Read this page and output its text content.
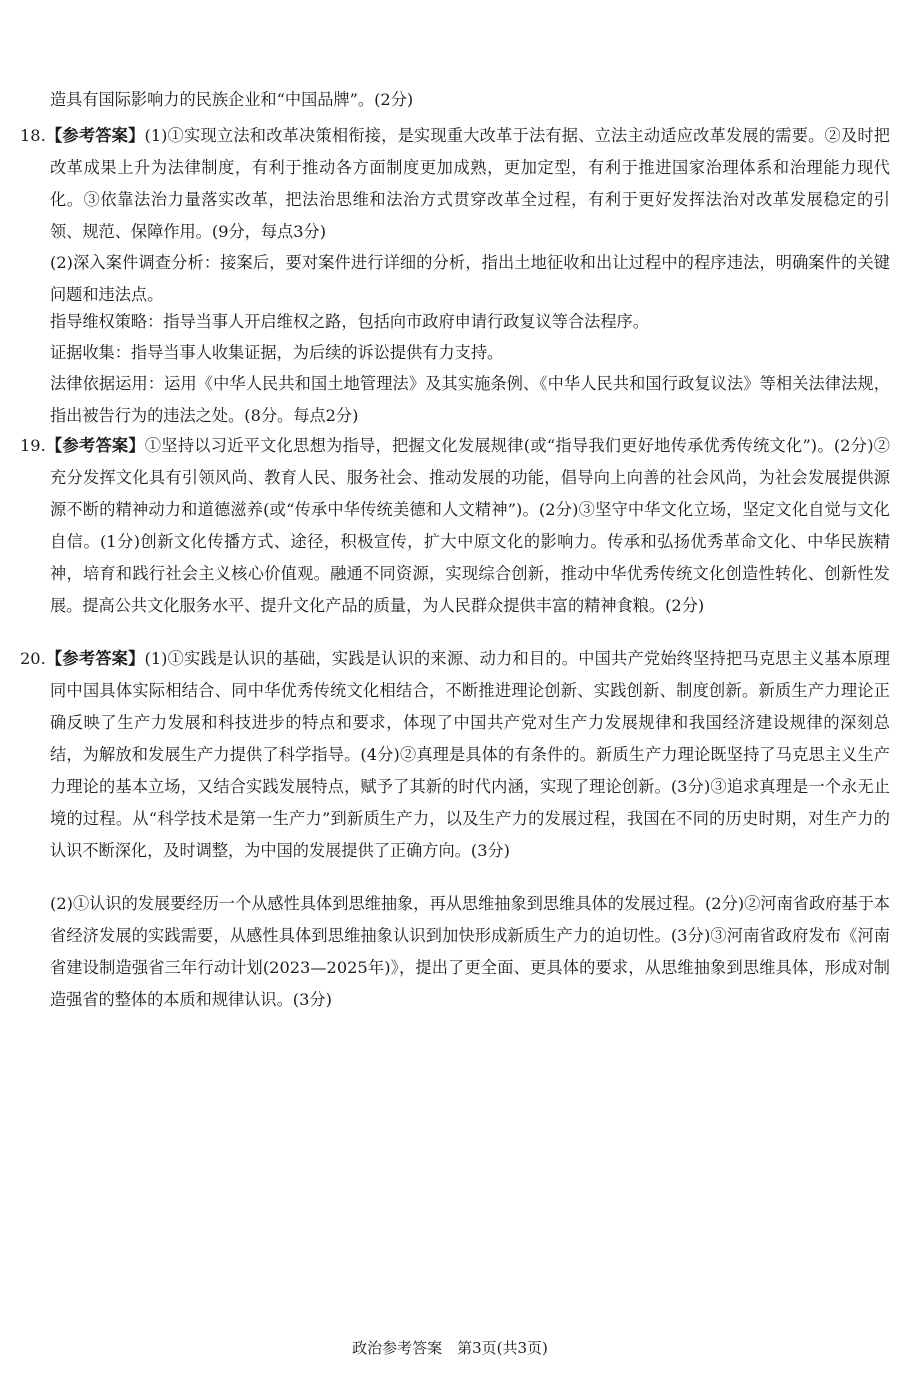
造具有国际影响力的民族企业和“中国品牌”。(2分)
18.【参考答案】(1)①实现立法和改革决策相衔接，是实现重大改革于法有据、立法主动适应改革发展的需要。②及时把改革成果上升为法律制度，有利于推动各方面制度更加成熟，更加定型，有利于推进国家治理体系和治理能力现代化。③依靠法治力量落实改革，把法治思维和法治方式贯穿改革全过程，有利于更好发挥法治对改革发展稳定的引领、规范、保障作用。(9分，每点3分)
(2)深入案件调查分析：接案后，要对案件进行详细的分析，指出土地征收和出让过程中的程序违法，明确案件的关键问题和违法点。
指导维权策略：指导当事人开启维权之路，包括向市政府申请行政复议等合法程序。
证据收集：指导当事人收集证据，为后续的诉讼提供有力支持。
法律依据运用：运用《中华人民共和国土地管理法》及其实施条例、《中华人民共和国行政复议法》等相关法律法规，指出被告行为的违法之处。(8分。每点2分)
19.【参考答案】①坚持以习近平文化思想为指导，把握文化发展规律(或“指导我们更好地传承优秀传统文化”)。(2分)②充分发挥文化具有引领风尚、教育人民、服务社会、推动发展的功能，倡导向上向善的社会风尚，为社会发展提供源源不断的精神动力和道德滋养(或“传承中华传统美德和人文精神”)。(2分)③坚守中华文化立场，坚定文化自觉与文化自信。(1分)创新文化传播方式、途径，积极宣传，扩大中原文化的影响力。传承和弘扬优秀革命文化、中华民族精神，培育和践行社会主义核心价值观。融通不同资源，实现综合创新，推动中华优秀传统文化创造性转化、创新性发展。提高公共文化服务水平、提升文化产品的质量，为人民群众提供丰富的精神食粮。(2分)
20.【参考答案】(1)①实践是认识的基础，实践是认识的来源、动力和目的。中国共产党始终坚持把马克思主义基本原理同中国具体实际相结合、同中华优秀传统文化相结合，不断推进理论创新、实践创新、制度创新。新质生产力理论正确反映了生产力发展和科技进步的特点和要求，体现了中国共产党对生产力发展规律和我国经济建设规律的深刻总结，为解放和发展生产力提供了科学指导。(4分)②真理是具体的有条件的。新质生产力理论既坚持了马克思主义生产力理论的基本立场，又结合实践发展特点，赋予了其新的时代内涵，实现了理论创新。(3分)③追求真理是一个永无止境的过程。从“科学技术是第一生产力”到新质生产力，以及生产力的发展过程，我国在不同的历史时期，对生产力的认识不断深化，及时调整，为中国的发展提供了正确方向。(3分)
(2)①认识的发展要经历一个从感性具体到思维抽象，再从思维抽象到思维具体的发展过程。(2分)②河南省政府基于本省经济发展的实践需要，从感性具体到思维抽象认识到加快形成新质生产力的迫切性。(3分)③河南省政府发布《河南省建设制造强省三年行动计划(2023—2025年)》，提出了更全面、更具体的要求，从思维抽象到思维具体，形成对制造强省的整体的本质和规律认识。(3分)
政治参考答案　第3页(共3页)
